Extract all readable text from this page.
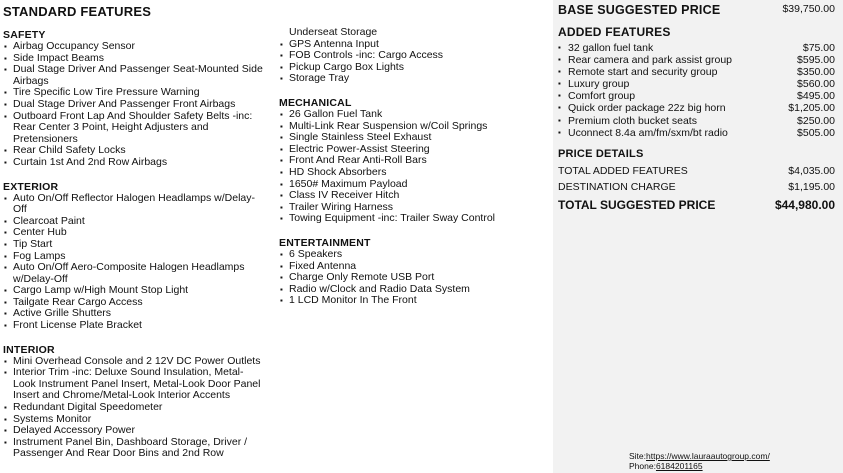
STANDARD FEATURES
SAFETY
▪ Airbag Occupancy Sensor
▪ Side Impact Beams
▪ Dual Stage Driver And Passenger Seat-Mounted Side
Airbags
▪ Tire Specific Low Tire Pressure Warning
▪ Dual Stage Driver And Passenger Front Airbags
▪ Outboard Front Lap And Shoulder Safety Belts -inc:
Rear Center 3 Point, Height Adjusters and
Pretensioners
▪ Rear Child Safety Locks
▪ Curtain 1st And 2nd Row Airbags
EXTERIOR
▪ Auto On/Off Reflector Halogen Headlamps w/Delay-
Off
▪ Clearcoat Paint
▪ Center Hub
▪ Tip Start
▪ Fog Lamps
▪ Auto On/Off Aero-Composite Halogen Headlamps
w/Delay-Off
▪ Cargo Lamp w/High Mount Stop Light
▪ Tailgate Rear Cargo Access
▪ Active Grille Shutters
▪ Front License Plate Bracket
INTERIOR
▪ Mini Overhead Console and 2 12V DC Power Outlets
▪ Interior Trim -inc: Deluxe Sound Insulation, Metal-
Look Instrument Panel Insert, Metal-Look Door Panel
Insert and Chrome/Metal-Look Interior Accents
▪ Redundant Digital Speedometer
▪ Systems Monitor
▪ Delayed Accessory Power
▪ Instrument Panel Bin, Dashboard Storage, Driver /
Passenger And Rear Door Bins and 2nd Row
Underseat Storage
▪ GPS Antenna Input
▪ FOB Controls -inc: Cargo Access
▪ Pickup Cargo Box Lights
▪ Storage Tray
MECHANICAL
▪ 26 Gallon Fuel Tank
▪ Multi-Link Rear Suspension w/Coil Springs
▪ Single Stainless Steel Exhaust
▪ Electric Power-Assist Steering
▪ Front And Rear Anti-Roll Bars
▪ HD Shock Absorbers
▪ 1650# Maximum Payload
▪ Class IV Receiver Hitch
▪ Trailer Wiring Harness
▪ Towing Equipment -inc: Trailer Sway Control
ENTERTAINMENT
▪ 6 Speakers
▪ Fixed Antenna
▪ Charge Only Remote USB Port
▪ Radio w/Clock and Radio Data System
▪ 1 LCD Monitor In The Front
BASE SUGGESTED PRICE	$39,750.00
ADDED FEATURES
▪ 32 gallon fuel tank	$75.00
▪ Rear camera and park assist group	$595.00
▪ Remote start and security group	$350.00
▪ Luxury group	$560.00
▪ Comfort group	$495.00
▪ Quick order package 22z big horn	$1,205.00
▪ Premium cloth bucket seats	$250.00
▪ Uconnect 8.4a am/fm/sxm/bt radio	$505.00
PRICE DETAILS
TOTAL ADDED FEATURES	$4,035.00
DESTINATION CHARGE	$1,195.00
TOTAL SUGGESTED PRICE	$44,980.00
Site:https://www.lauraautogroup.com/
Phone:6184201165
